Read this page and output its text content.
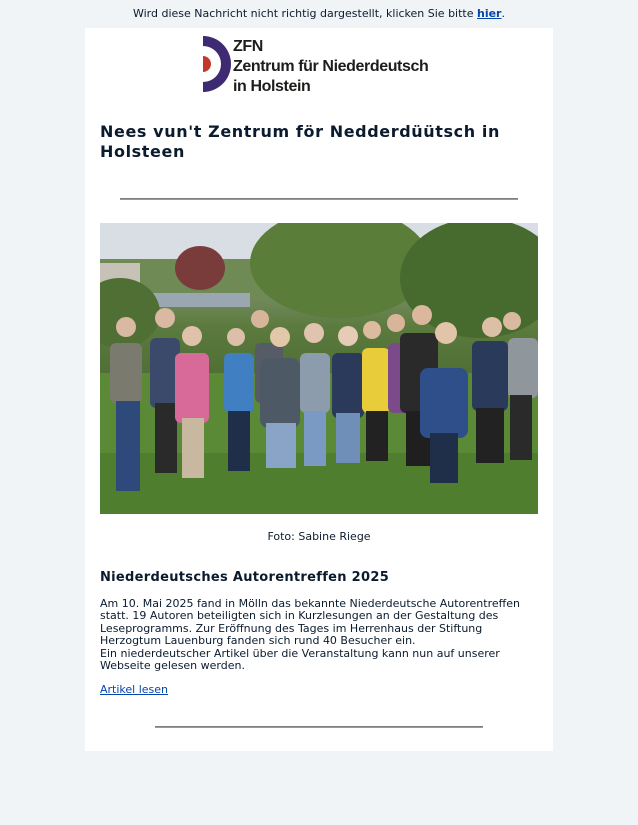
Wird diese Nachricht nicht richtig dargestellt, klicken Sie bitte hier.
ZFN
Zentrum für Niederdeutsch
in Holstein
Nees vun't Zentrum för Nedderdüütsch in Holsteen
Foto: Sabine Riege
Niederdeutsches Autorentreffen 2025

Am 10. Mai 2025 fand in Mölln das bekannte Niederdeutsche Autorentreffen statt. 19 Autoren beteiligten sich in Kurzlesungen an der Gestaltung des Leseprogramms. Zur Eröffnung des Tages im Herrenhaus der Stiftung Herzogtum Lauenburg fanden sich rund 40 Besucher ein.

Ein niederdeutscher Artikel über die Veranstaltung kann nun auf unserer Webseite gelesen werden.

Artikel lesen
